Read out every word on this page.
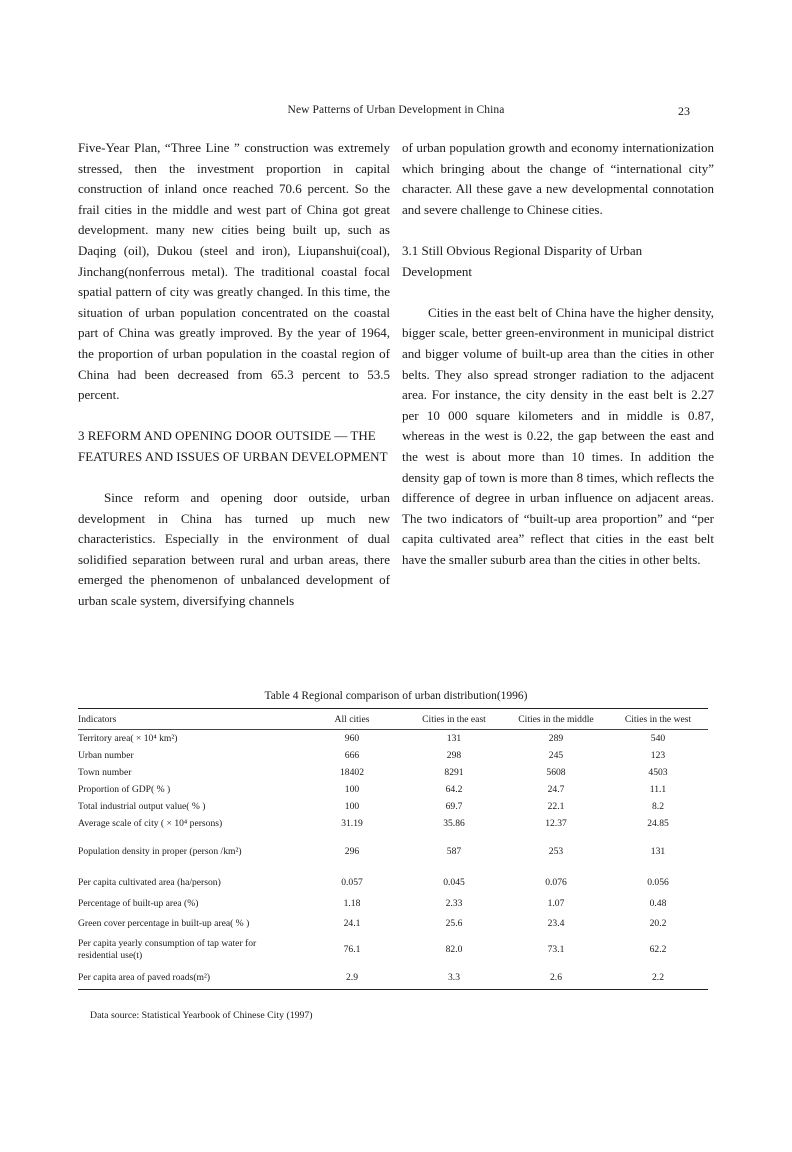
New Patterns of Urban Development in China	23

Five-Year Plan, “Three Line ” construction was extremely stressed, then the investment proportion in capital construction of inland once reached 70.6 percent. So the frail cities in the middle and west part of China got great development. many new cities being built up, such as Daqing (oil), Dukou (steel and iron), Liupanshui(coal), Jinchang(nonferrous metal). The traditional coastal focal spatial pattern of city was greatly changed. In this time, the situation of urban population concentrated on the coastal part of China was greatly improved. By the year of 1964, the proportion of urban population in the coastal region of China had been decreased from 65.3 percent to 53.5 percent.

3 REFORM AND OPENING DOOR OUTSIDE — THE FEATURES AND ISSUES OF URBAN DEVELOPMENT

Since reform and opening door outside, urban development in China has turned up much new characteristics. Especially in the environment of dual solidified separation between rural and urban areas, there emerged the phenomenon of unbalanced development of urban scale system, diversifying channels

of urban population growth and economy internationization which bringing about the change of “international city” character. All these gave a new developmental connotation and severe challenge to Chinese cities.

3.1 Still Obvious Regional Disparity of Urban Development

Cities in the east belt of China have the higher density, bigger scale, better green-environment in municipal district and bigger volume of built-up area than the cities in other belts. They also spread stronger radiation to the adjacent area. For instance, the city density in the east belt is 2.27 per 10 000 square kilometers and in middle is 0.87, whereas in the west is 0.22, the gap between the east and the west is about more than 10 times. In addition the density gap of town is more than 8 times, which reflects the difference of degree in urban influence on adjacent areas. The two indicators of “built-up area proportion” and “per capita cultivated area” reflect that cities in the east belt have the smaller suburb area than the cities in other belts.

Table 4 Regional comparison of urban distribution(1996)
Indicators	All cities	Cities in the east	Cities in the middle	Cities in the west
Territory area( × 10⁴ km²)	960	131	289	540
Urban number	666	298	245	123
Town number	18402	8291	5608	4503
Proportion of GDP( % )	100	64.2	24.7	11.1
Total industrial output value( % )	100	69.7	22.1	8.2
Average scale of city ( × 10⁴ persons)	31.19	35.86	12.37	24.85
Population density in proper (person /km²)	296	587	253	131
Per capita cultivated area (ha/person)	0.057	0.045	0.076	0.056
Percentage of built-up area (%)	1.18	2.33	1.07	0.48
Green cover percentage in built-up area( % )	24.1	25.6	23.4	20.2
Per capita yearly consumption of tap water for residential use(t)	76.1	82.0	73.1	62.2
Per capita area of paved roads(m²)	2.9	3.3	2.6	2.2
Data source: Statistical Yearbook of Chinese City (1997)
